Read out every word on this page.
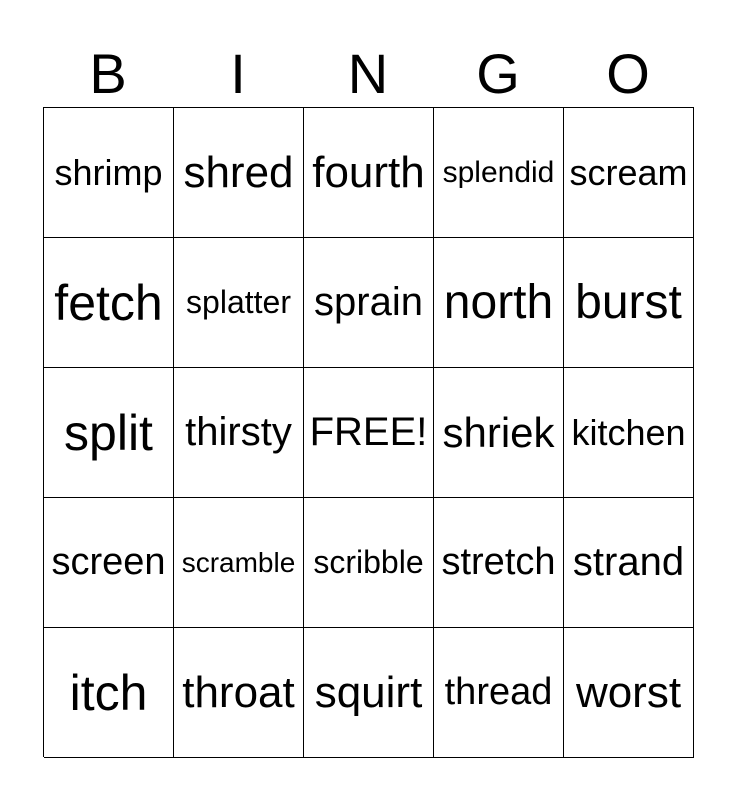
B	I	N	G	O
shrimp shred fourth splendid scream
fetch splatter sprain north burst
split thirsty FREE! shriek kitchen
screen scramble scribble stretch strand
itch throat squirt thread worst
